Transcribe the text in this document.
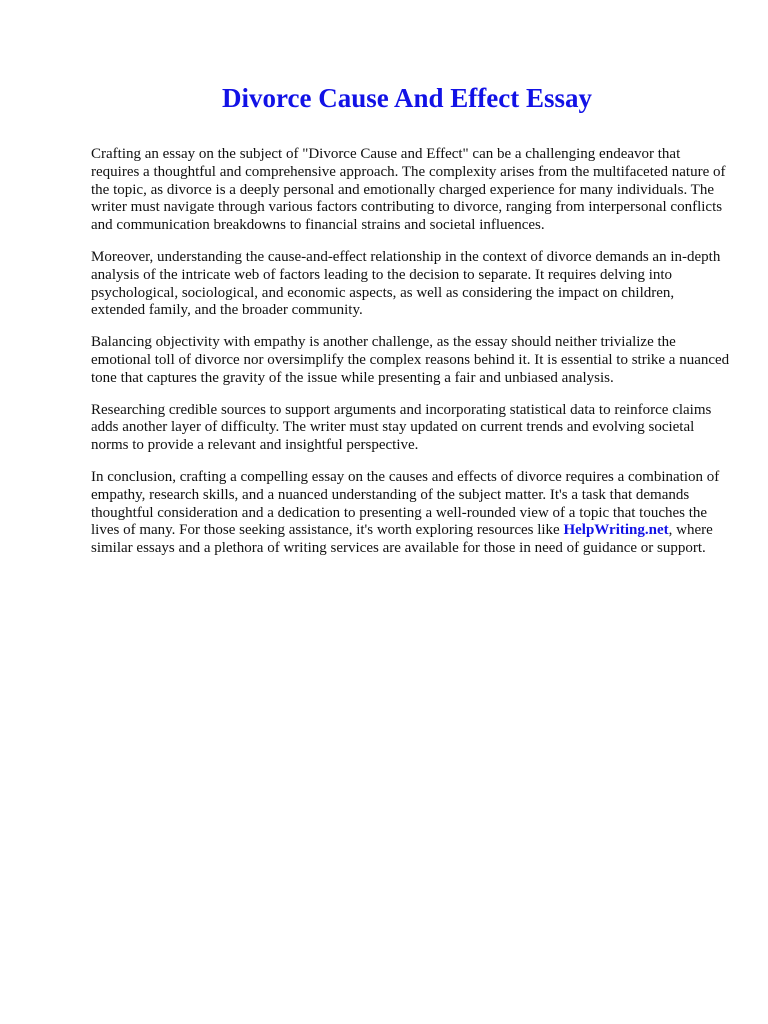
Divorce Cause And Effect Essay

Crafting an essay on the subject of "Divorce Cause and Effect" can be a challenging endeavor that requires a thoughtful and comprehensive approach. The complexity arises from the multifaceted nature of the topic, as divorce is a deeply personal and emotionally charged experience for many individuals. The writer must navigate through various factors contributing to divorce, ranging from interpersonal conflicts and communication breakdowns to financial strains and societal influences.

Moreover, understanding the cause-and-effect relationship in the context of divorce demands an in-depth analysis of the intricate web of factors leading to the decision to separate. It requires delving into psychological, sociological, and economic aspects, as well as considering the impact on children, extended family, and the broader community.

Balancing objectivity with empathy is another challenge, as the essay should neither trivialize the emotional toll of divorce nor oversimplify the complex reasons behind it. It is essential to strike a nuanced tone that captures the gravity of the issue while presenting a fair and unbiased analysis.

Researching credible sources to support arguments and incorporating statistical data to reinforce claims adds another layer of difficulty. The writer must stay updated on current trends and evolving societal norms to provide a relevant and insightful perspective.

In conclusion, crafting a compelling essay on the causes and effects of divorce requires a combination of empathy, research skills, and a nuanced understanding of the subject matter. It's a task that demands thoughtful consideration and a dedication to presenting a well-rounded view of a topic that touches the lives of many. For those seeking assistance, it's worth exploring resources like HelpWriting.net, where similar essays and a plethora of writing services are available for those in need of guidance or support.
